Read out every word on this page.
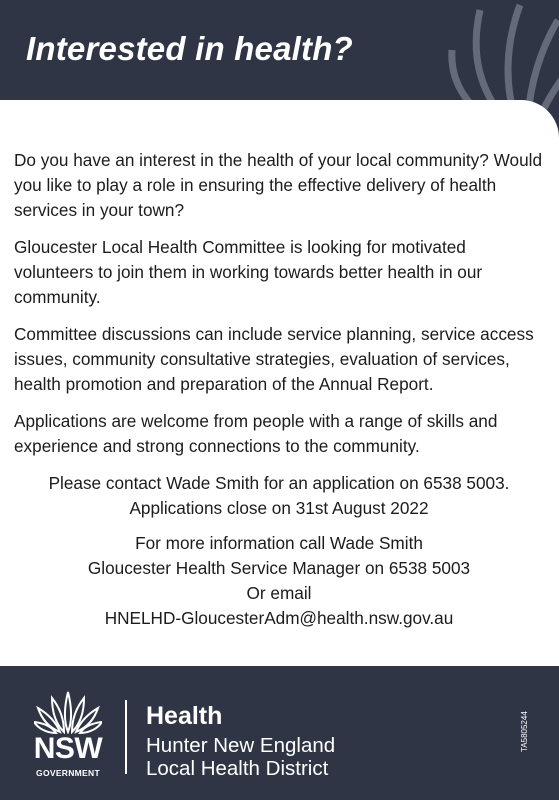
Interested in health?

Do you have an interest in the health of your local community? Would you like to play a role in ensuring the effective delivery of health services in your town?

Gloucester Local Health Committee is looking for motivated volunteers to join them in working towards better health in our community.

Committee discussions can include service planning, service access issues, community consultative strategies, evaluation of services, health promotion and preparation of the Annual Report.

Applications are welcome from people with a range of skills and experience and strong connections to the community.

Please contact Wade Smith for an application on 6538 5003.
Applications close on 31st August 2022
For more information call Wade Smith
Gloucester Health Service Manager on 6538 5003
Or email
HNELHD-GloucesterAdm@health.nsw.gov.au
NSW
GOVERNMENT
Health
Hunter New England
Local Health District
TA5805244
